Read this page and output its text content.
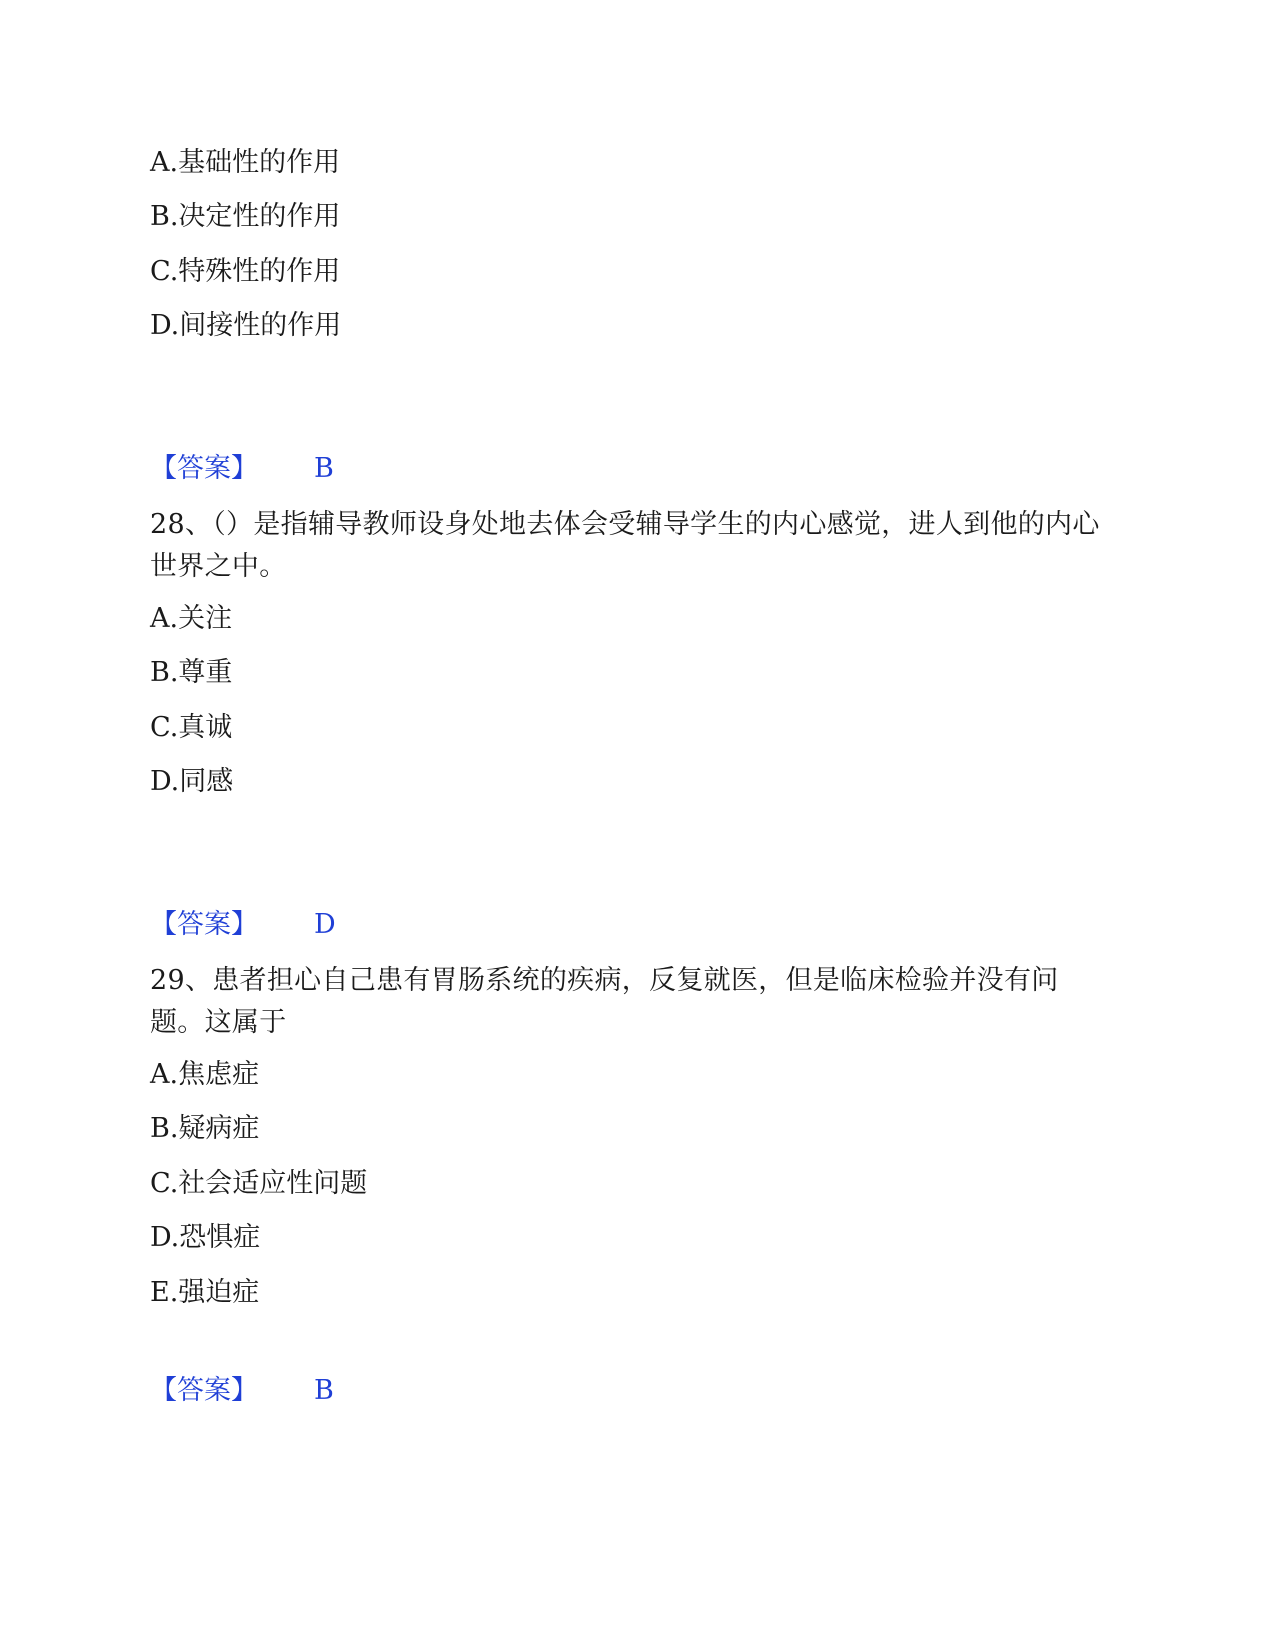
A.基础性的作用
B.决定性的作用
C.特殊性的作用
D.间接性的作用
【答案】 B
28、（）是指辅导教师设身处地去体会受辅导学生的内心感觉，进人到他的内心世界之中。
A.关注
B.尊重
C.真诚
D.同感
【答案】 D
29、患者担心自己患有胃肠系统的疾病，反复就医，但是临床检验并没有问题。这属于
A.焦虑症
B.疑病症
C.社会适应性问题
D.恐惧症
E.强迫症
【答案】 B
